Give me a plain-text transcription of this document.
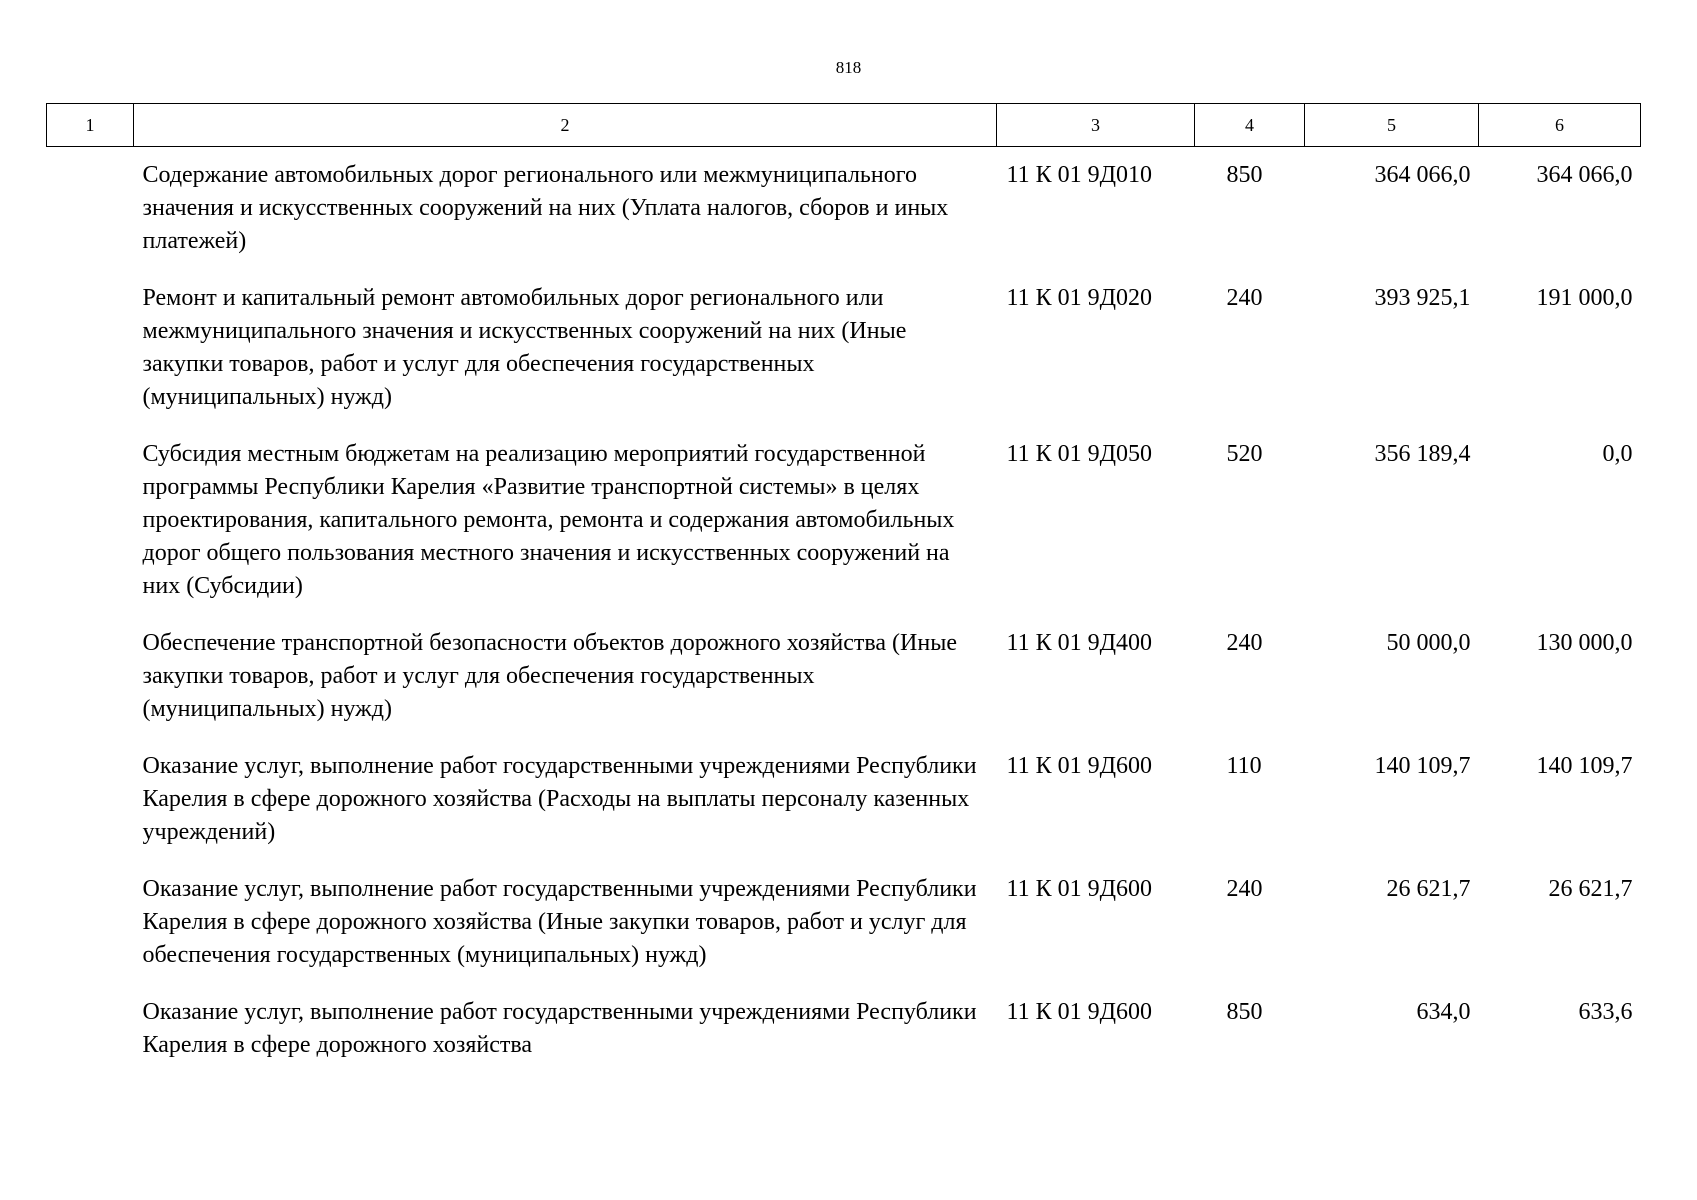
818
1	2	3	4	5	6
	Содержание автомобильных дорог регионального или межмуниципального значения и искусственных сооружений на них (Уплата налогов, сборов и иных платежей)	11 К 01 9Д010	850	364 066,0	364 066,0
	Ремонт и капитальный ремонт автомобильных дорог регионального или межмуниципального значения и искусственных сооружений на них (Иные закупки товаров, работ и услуг для обеспечения государственных (муниципальных) нужд)	11 К 01 9Д020	240	393 925,1	191 000,0
	Субсидия местным бюджетам на реализацию мероприятий государственной программы Республики Карелия «Развитие транспортной системы» в целях проектирования, капитального ремонта, ремонта и содержания автомобильных дорог общего пользования местного значения и искусственных сооружений на них (Субсидии)	11 К 01 9Д050	520	356 189,4	0,0
	Обеспечение транспортной безопасности объектов дорожного хозяйства (Иные закупки товаров, работ и услуг для обеспечения государственных (муниципальных) нужд)	11 К 01 9Д400	240	50 000,0	130 000,0
	Оказание услуг, выполнение работ государственными учреждениями Республики Карелия в сфере дорожного хозяйства (Расходы на выплаты персоналу казенных учреждений)	11 К 01 9Д600	110	140 109,7	140 109,7
	Оказание услуг, выполнение работ государственными учреждениями Республики Карелия в сфере дорожного хозяйства (Иные закупки товаров, работ и услуг для обеспечения государственных (муниципальных) нужд)	11 К 01 9Д600	240	26 621,7	26 621,7
	Оказание услуг, выполнение работ государственными учреждениями Республики Карелия в сфере дорожного хозяйства	11 К 01 9Д600	850	634,0	633,6
